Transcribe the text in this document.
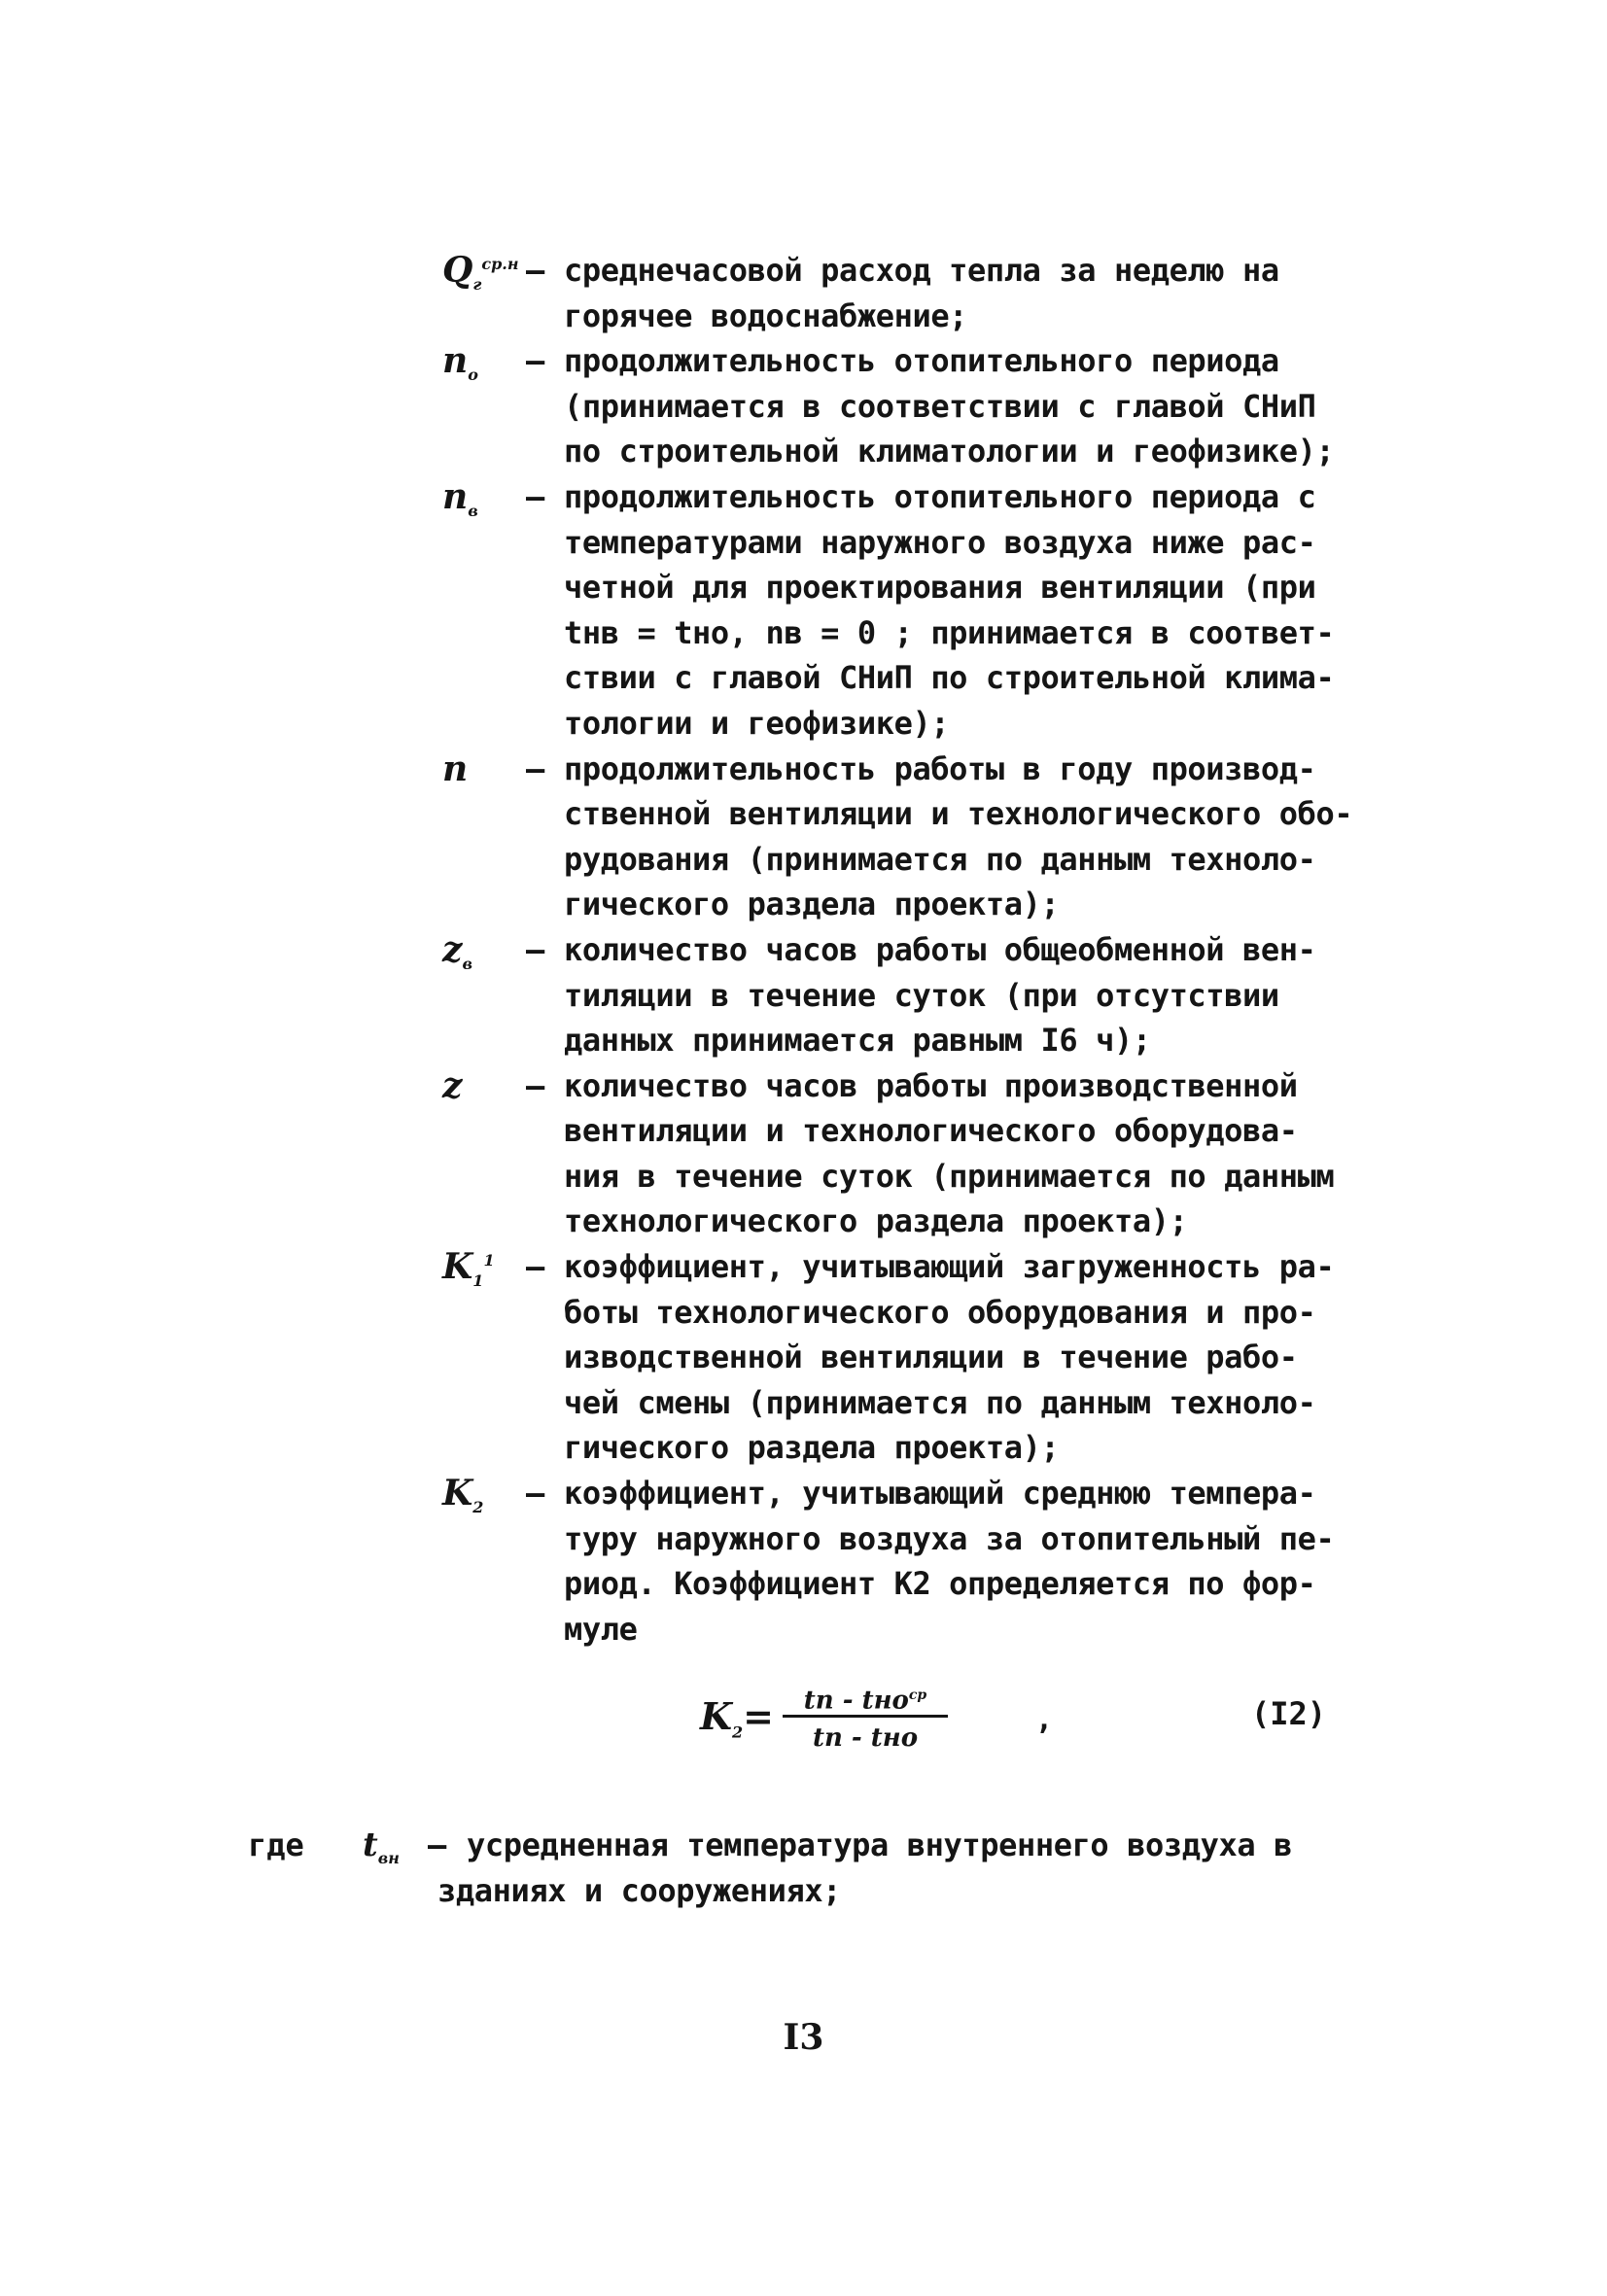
$Q_г^{ср.н}$ – среднечасовой расход тепла за неделю на
горячее водоснабжение;
$n_о$	– продолжительность отопительного периода
(принимается в соответствии с главой СНиП
по строительной климатологии и геофизике);
$n_в$	– продолжительность отопительного периода с
температурами наружного воздуха ниже рас-
четной для проектирования вентиляции (при
tнв = tно, nв = 0 ; принимается в соответ-
ствии с главой СНиП по строительной клима-
тологии и геофизике);
n	– продолжительность работы в году производ-
ственной вентиляции и технологического обо-
рудования (принимается по данным техноло-
гического раздела проекта);
$z_в$	– количество часов работы общеобменной вен-
тиляции в течение суток (при отсутствии
данных принимается равным I6 ч);
z	– количество часов работы производственной
вентиляции и технологического оборудова-
ния в течение суток (принимается по данным
технологического раздела проекта);
$K_1^1$	– коэффициент, учитывающий загруженность ра-
боты технологического оборудования и про-
изводственной вентиляции в течение рабо-
чей смены (принимается по данным техноло-
гического раздела проекта);
$K_2$	– коэффициент, учитывающий среднюю темпера-
туру наружного воздуха за отопительный пе-
риод. Коэффициент K2 определяется по фор-
муле
$K_2=$	tп - tно$^{ср}$
tп - tно
,	(I2)
где $t_{вн}$ – усредненная температура внутреннего воздуха в
зданиях и сооружениях;
I3
